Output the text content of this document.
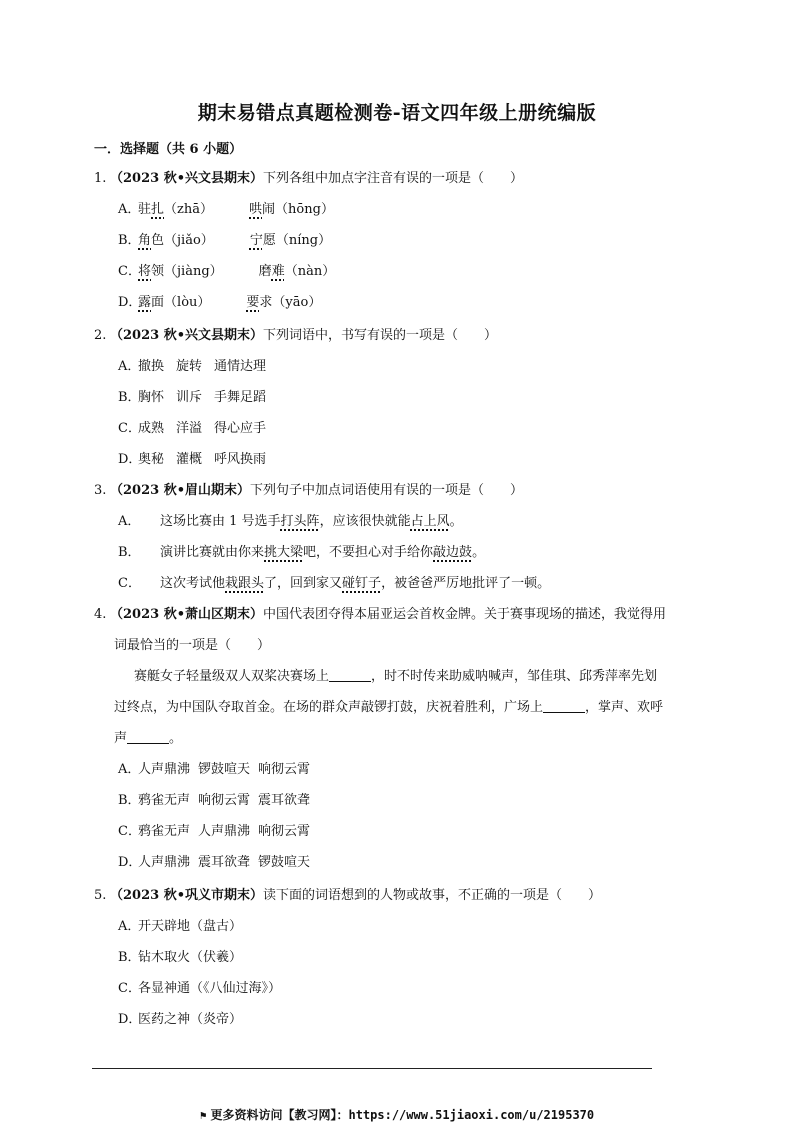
期末易错点真题检测卷-语文四年级上册统编版
一．选择题（共 6 小题）
1. （2023 秋•兴文县期末）下列各组中加点字注音有误的一项是（　　）
A．驻扎（zhā）	哄闹（hōng）
B．角色（jiǎo）	宁愿（níng）
C．将领（jiàng）	磨难（nàn）
D．露面（lòu）	要求（yāo）
2. （2023 秋•兴文县期末）下列词语中，书写有误的一项是（　　）
A．撤换 旋转 通情达理
B．胸怀 训斥 手舞足蹈
C．成熟 洋溢 得心应手
D．奥秘 灌概 呼风换雨
3. （2023 秋•眉山期末）下列句子中加点词语使用有误的一项是（　　）
A． 这场比赛由 1 号选手打头阵，应该很快就能占上风。
B． 演讲比赛就由你来挑大梁吧，不要担心对手给你敲边鼓。
C． 这次考试他栽跟头了，回到家又碰钉子，被爸爸严厉地批评了一顿。
4. （2023 秋•萧山区期末）中国代表团夺得本届亚运会首枚金牌。关于赛事现场的描述，我觉得用
词最恰当的一项是（　　）
赛艇女子轻量级双人双桨决赛场上	，时不时传来助威呐喊声，邹佳琪、邱秀萍率先划
过终点，为中国队夺取首金。在场的群众声敲锣打鼓，庆祝着胜利，广场上	，掌声、欢呼
声	。
A．人声鼎沸 锣鼓喧天 响彻云霄
B．鸦雀无声 响彻云霄 震耳欲聋
C．鸦雀无声 人声鼎沸 响彻云霄
D．人声鼎沸 震耳欲聋 锣鼓喧天
5. （2023 秋•巩义市期末）读下面的词语想到的人物或故事，不正确的一项是（　　）
A．开天辟地（盘古）
B．钻木取火（伏羲）
C．各显神通（《八仙过海》）
D．医药之神（炎帝）
⚑ 更多资料访问【教习网】：https://www.51jiaoxi.com/u/2195370
